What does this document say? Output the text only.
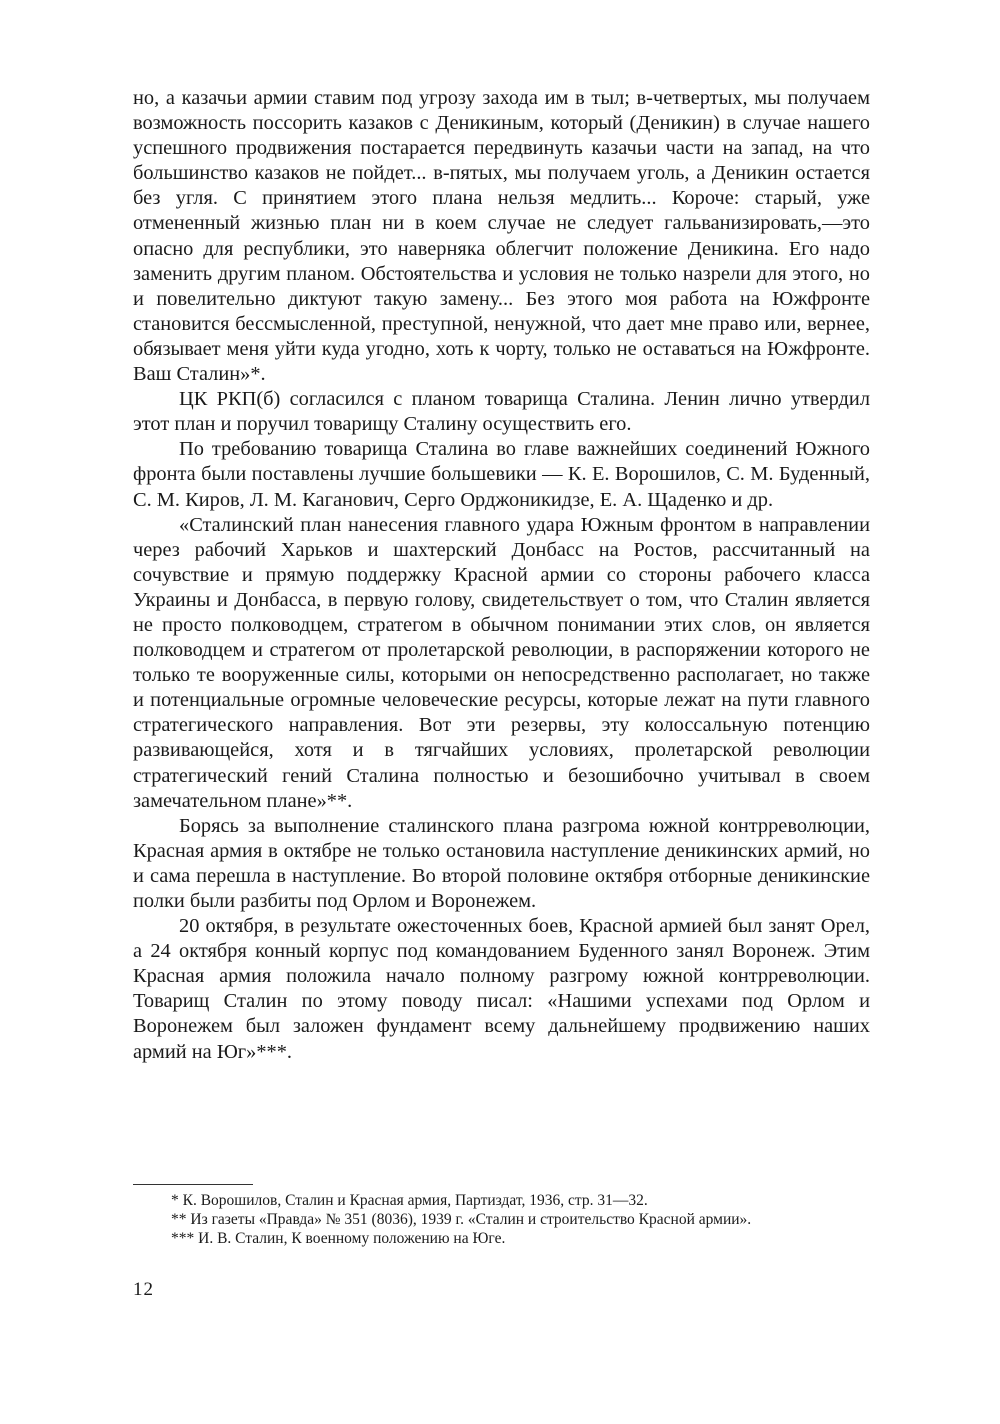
но, а казачьи армии ставим под угрозу захода им в тыл; в-четвертых, мы получаем возможность поссорить казаков с Деникиным, который (Деникин) в случае нашего успешного продвижения постарается передвинуть казачьи части на запад, на что большинство казаков не пойдет... в-пятых, мы получаем уголь, а Деникин остается без угля. С принятием этого плана нельзя медлить... Короче: старый, уже отмененный жизнью план ни в коем случае не следует гальванизировать,—это опасно для республики, это наверняка облегчит положение Деникина. Его надо заменить другим планом. Обстоятельства и условия не только назрели для этого, но и повелительно диктуют такую замену... Без этого моя работа на Южфронте становится бессмысленной, преступной, ненужной, что дает мне право или, вернее, обязывает меня уйти куда угодно, хоть к чорту, только не оставаться на Южфронте. Ваш Сталин»*.

ЦК РКП(б) согласился с планом товарища Сталина. Ленин лично утвердил этот план и поручил товарищу Сталину осуществить его.

По требованию товарища Сталина во главе важнейших соединений Южного фронта были поставлены лучшие большевики — К. Е. Ворошилов, С. М. Буденный, С. М. Киров, Л. М. Каганович, Серго Орджоникидзе, Е. А. Щаденко и др.

«Сталинский план нанесения главного удара Южным фронтом в направлении через рабочий Харьков и шахтерский Донбасс на Ростов, рассчитанный на сочувствие и прямую поддержку Красной армии со стороны рабочего класса Украины и Донбасса, в первую голову, свидетельствует о том, что Сталин является не просто полководцем, стратегом в обычном понимании этих слов, он является полководцем и стратегом от пролетарской революции, в распоряжении которого не только те вооруженные силы, которыми он непосредственно располагает, но также и потенциальные огромные человеческие ресурсы, которые лежат на пути главного стратегического направления. Вот эти резервы, эту колоссальную потенцию развивающейся, хотя и в тягчайших условиях, пролетарской революции стратегический гений Сталина полностью и безошибочно учитывал в своем замечательном плане»**.

Борясь за выполнение сталинского плана разгрома южной контрреволюции, Красная армия в октябре не только остановила наступление деникинских армий, но и сама перешла в наступление. Во второй половине октября отборные деникинские полки были разбиты под Орлом и Воронежем.

20 октября, в результате ожесточенных боев, Красной армией был занят Орел, а 24 октября конный корпус под командованием Буденного занял Воронеж. Этим Красная армия положила начало полному разгрому южной контрреволюции. Товарищ Сталин по этому поводу писал: «Нашими успехами под Орлом и Воронежем был заложен фундамент всему дальнейшему продвижению наших армий на Юг»***.

* К. Ворошилов, Сталин и Красная армия, Партиздат, 1936, стр. 31—32.

** Из газеты «Правда» № 351 (8036), 1939 г. «Сталин и строительство Красной армии».

*** И. В. Сталин, К военному положению на Юге.

12
